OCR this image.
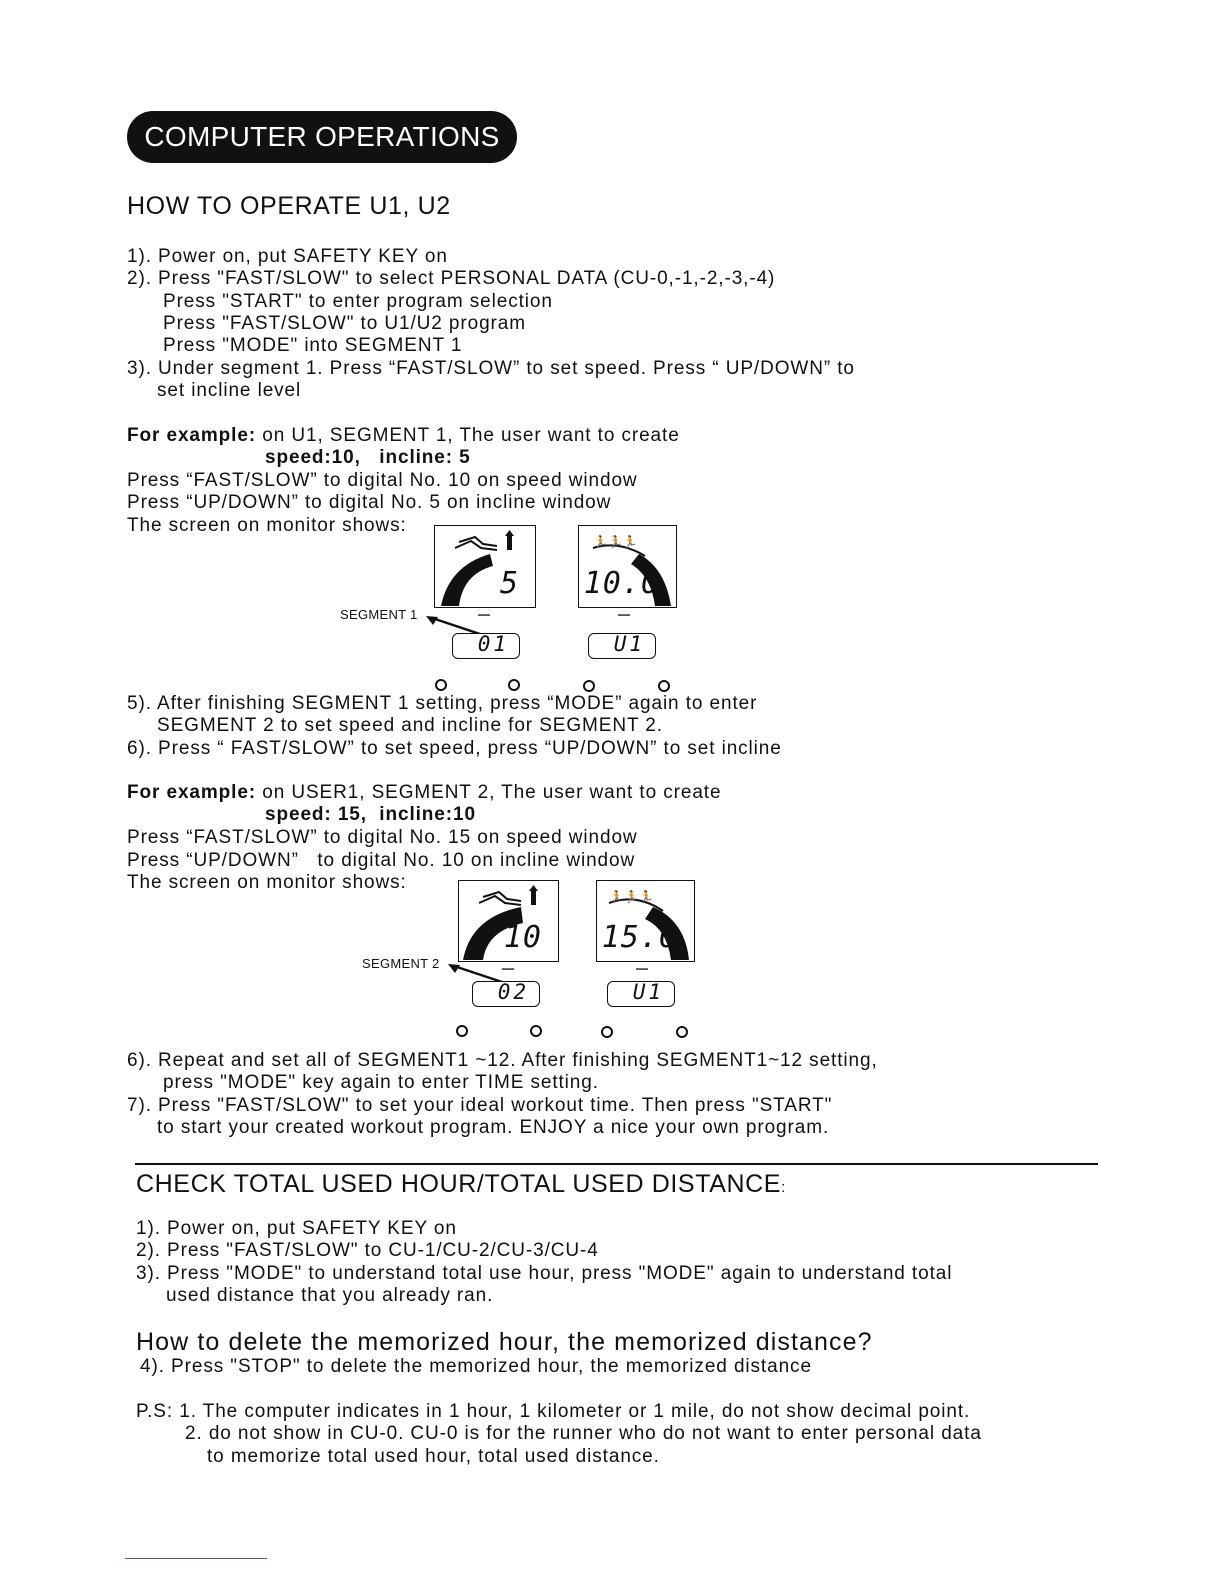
COMPUTER OPERATIONS
HOW TO OPERATE U1, U2
1). Power on, put SAFETY KEY on
2). Press "FAST/SLOW" to select PERSONAL DATA (CU-0,-1,-2,-3,-4)
Press "START" to enter program selection
Press "FAST/SLOW" to U1/U2 program
Press "MODE" into SEGMENT 1
3). Under segment 1. Press “FAST/SLOW” to set speed. Press “ UP/DOWN” to
set incline level
For example: on U1, SEGMENT 1, The user want to create
speed:10,   incline: 5
Press “FAST/SLOW” to digital No. 10 on speed window
Press “UP/DOWN” to digital No. 5 on incline window
The screen on monitor shows:
5
🏃🏃🏃
10.0
▬▬	▬▬
SEGMENT 1
01	U1
5). After finishing SEGMENT 1 setting, press “MODE” again to enter
SEGMENT 2 to set speed and incline for SEGMENT 2.
6). Press “ FAST/SLOW” to set speed, press “UP/DOWN” to set incline
For example: on USER1, SEGMENT 2, The user want to create
speed: 15,  incline:10
Press “FAST/SLOW” to digital No. 15 on speed window
Press “UP/DOWN”   to digital No. 10 on incline window
The screen on monitor shows:
10
🏃🏃🏃
15.0
▬▬	▬▬
SEGMENT 2
02	U1
6). Repeat and set all of SEGMENT1 ~12. After finishing SEGMENT1~12 setting,
press "MODE" key again to enter TIME setting.
7). Press "FAST/SLOW" to set your ideal workout time. Then press "START"
to start your created workout program. ENJOY a nice your own program.
CHECK TOTAL USED HOUR/TOTAL USED DISTANCE:
1). Power on, put SAFETY KEY on
2). Press "FAST/SLOW" to CU-1/CU-2/CU-3/CU-4
3). Press "MODE" to understand total use hour, press "MODE" again to understand total
used distance that you already ran.
How to delete the memorized hour, the memorized distance?
4). Press "STOP" to delete the memorized hour, the memorized distance
P.S: 1. The computer indicates in 1 hour, 1 kilometer or 1 mile, do not show decimal point.
2. do not show in CU-0. CU-0 is for the runner who do not want to enter personal data
to memorize total used hour, total used distance.
